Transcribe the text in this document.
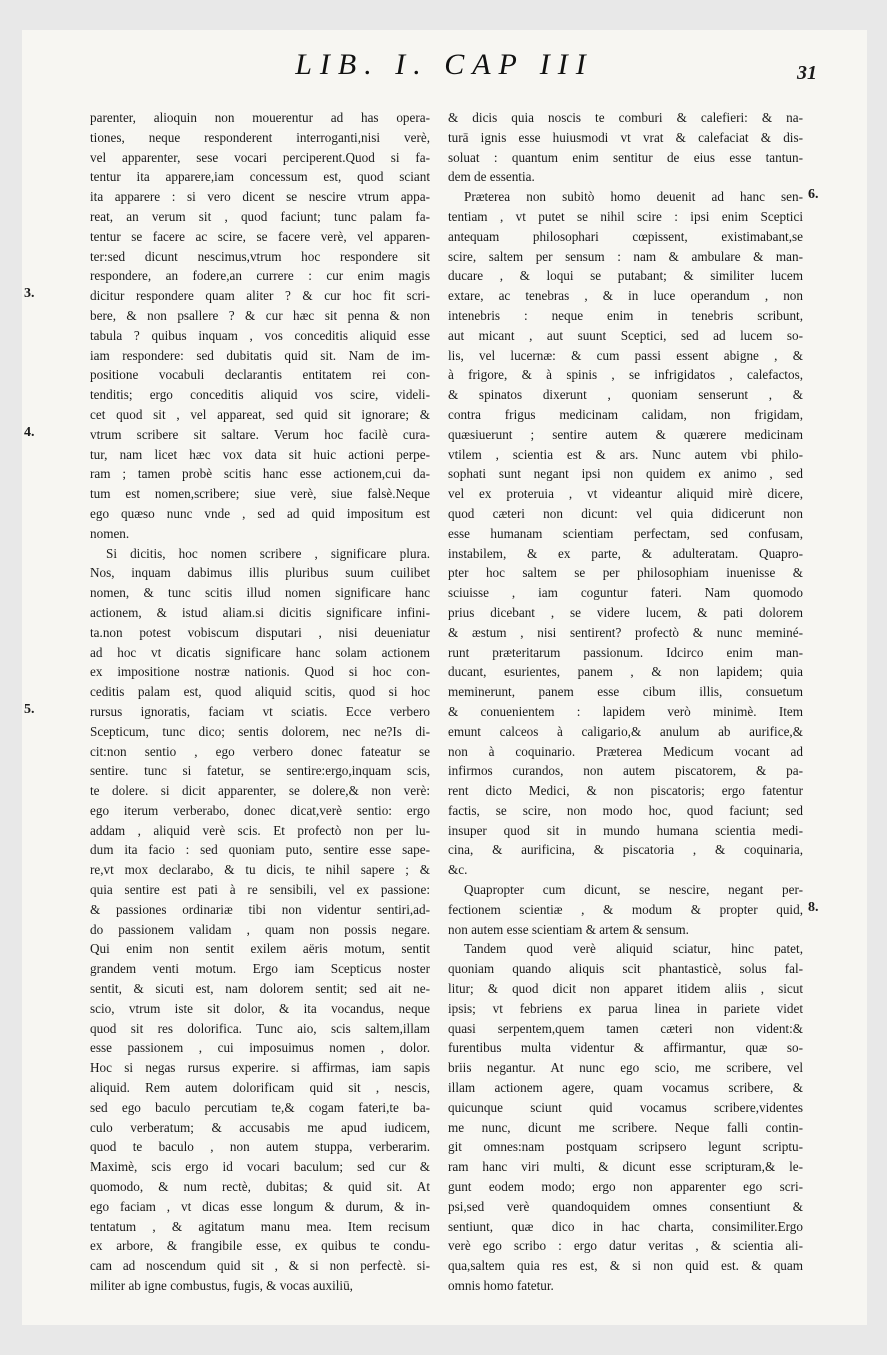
LIB. I. CAP III	31
parenter, alioquin non mouerentur ad has opera-
tiones, neque responderent interroganti,nisi verè,
vel apparenter, sese vocari perciperent.Quod si fa-
tentur ita apparere,iam concessum est, quod sciant
ita apparere : si vero dicent se nescire vtrum appa-
reat, an verum sit , quod faciunt; tunc palam fa-
tentur se facere ac scire, se facere verè, vel apparen-
ter:sed dicunt nescimus,vtrum hoc respondere sit
respondere, an fodere,an currere : cur enim magis
dicitur respondere quam aliter ? & cur hoc fit scri-
bere, & non psallere ? & cur hæc sit penna & non
tabula ? quibus inquam , vos conceditis aliquid esse
iam respondere: sed dubitatis quid sit. Nam de im-
positione vocabuli declarantis entitatem rei con-
tenditis; ergo conceditis aliquid vos scire, videli-
cet quod sit , vel appareat, sed quid sit ignorare; &
vtrum scribere sit saltare. Verum hoc facilè cura-
tur, nam licet hæc vox data sit huic actioni perpe-
ram ; tamen probè scitis hanc esse actionem,cui da-
tum est nomen,scribere; siue verè, siue falsè.Neque
ego quæso nunc vnde , sed ad quid impositum est
nomen.
Si dicitis, hoc nomen scribere , significare plura.
Nos, inquam dabimus illis pluribus suum cuilibet
nomen, & tunc scitis illud nomen significare hanc
actionem, & istud aliam.si dicitis significare infini-
ta.non potest vobiscum disputari , nisi deueniatur
ad hoc vt dicatis significare hanc solam actionem
ex impositione nostræ nationis. Quod si hoc con-
ceditis palam est, quod aliquid scitis, quod si hoc
rursus ignoratis, faciam vt sciatis. Ecce verbero
Scepticum, tunc dico; sentis dolorem, nec ne?Is di-
cit:non sentio , ego verbero donec fateatur se
sentire. tunc si fatetur, se sentire:ergo,inquam scis,
te dolere. si dicit apparenter, se dolere,& non verè:
ego iterum verberabo, donec dicat,verè sentio: ergo
addam , aliquid verè scis. Et profectò non per lu-
dum ita facio : sed quoniam puto, sentire esse sape-
re,vt mox declarabo, & tu dicis, te nihil sapere ; &
quia sentire est pati à re sensibili, vel ex passione:
& passiones ordinariæ tibi non videntur sentiri,ad-
do passionem validam , quam non possis negare.
Qui enim non sentit exilem aëris motum, sentit
grandem venti motum. Ergo iam Scepticus noster
sentit, & sicuti est, nam dolorem sentit; sed ait ne-
scio, vtrum iste sit dolor, & ita vocandus, neque
quod sit res dolorifica. Tunc aio, scis saltem,illam
esse passionem , cui imposuimus nomen , dolor.
Hoc si negas rursus experire. si affirmas, iam sapis
aliquid. Rem autem dolorificam quid sit , nescis,
sed ego baculo percutiam te,& cogam fateri,te ba-
culo verberatum; & accusabis me apud iudicem,
quod te baculo , non autem stuppa, verberarim.
Maximè, scis ergo id vocari baculum; sed cur &
quomodo, & num rectè, dubitas; & quid sit. At
ego faciam , vt dicas esse longum & durum, & in-
tentatum , & agitatum manu mea. Item recisum
ex arbore, & frangibile esse, ex quibus te condu-
cam ad noscendum quid sit , & si non perfectè. si-
militer ab igne combustus, fugis, & vocas auxiliū,
& dicis quia noscis te comburi & calefieri: & na-
turā ignis esse huiusmodi vt vrat & calefaciat & dis-
soluat : quantum enim sentitur de eius esse tantun-
dem de essentia.
Præterea non subitò homo deuenit ad hanc sen-
tentiam , vt putet se nihil scire : ipsi enim Sceptici
antequam philosophari cœpissent, existimabant,se
scire, saltem per sensum : nam & ambulare & man-
ducare , & loqui se putabant; & similiter lucem
extare, ac tenebras , & in luce operandum , non
intenebris : neque enim in tenebris scribunt,
aut micant , aut suunt Sceptici, sed ad lucem so-
lis, vel lucernæ: & cum passi essent abigne , &
à frigore, & à spinis , se infrigidatos , calefactos,
& spinatos dixerunt , quoniam senserunt , &
contra frigus medicinam calidam, non frigidam,
quæsiuerunt ; sentire autem & quærere medicinam
vtilem , scientia est & ars. Nunc autem vbi philo-
sophati sunt negant ipsi non quidem ex animo , sed
vel ex proteruia , vt videantur aliquid mirè dicere,
quod cæteri non dicunt: vel quia didicerunt non
esse humanam scientiam perfectam, sed confusam,
instabilem, & ex parte, & adulteratam. Quapro-
pter hoc saltem se per philosophiam inuenisse &
sciuisse , iam coguntur fateri. Nam quomodo
prius dicebant , se videre lucem, & pati dolorem
& æstum , nisi sentirent? profectò & nunc meminé-
runt præteritarum passionum. Idcirco enim man-
ducant, esurientes, panem , & non lapidem; quia
meminerunt, panem esse cibum illis, consuetum
& conuenientem : lapidem verò minimè. Item
emunt calceos à caligario,& anulum ab aurifice,&
non à coquinario. Præterea Medicum vocant ad
infirmos curandos, non autem piscatorem, & pa-
rent dicto Medici, & non piscatoris; ergo fatentur
factis, se scire, non modo hoc, quod faciunt; sed
insuper quod sit in mundo humana scientia medi-
cina, & aurificina, & piscatoria , & coquinaria,
&c.
Quapropter cum dicunt, se nescire, negant per-
fectionem scientiæ , & modum & propter quid,
non autem esse scientiam & artem & sensum.
Tandem quod verè aliquid sciatur, hinc patet,
quoniam quando aliquis scit phantasticè, solus fal-
litur; & quod dicit non apparet itidem aliis , sicut
ipsis; vt febriens ex parua linea in pariete videt
quasi serpentem,quem tamen cæteri non vident:&
furentibus multa videntur & affirmantur, quæ so-
briis negantur. At nunc ego scio, me scribere, vel
illam actionem agere, quam vocamus scribere, &
quicunque sciunt quid vocamus scribere,videntes
me nunc, dicunt me scribere. Neque falli contin-
git omnes:nam postquam scripsero legunt scriptu-
ram hanc viri multi, & dicunt esse scripturam,& le-
gunt eodem modo; ergo non apparenter ego scri-
psi,sed verè quandoquidem omnes consentiunt &
sentiunt, quæ dico in hac charta, consimiliter.Ergo
verè ego scribo : ergo datur veritas , & scientia ali-
qua,saltem quia res est, & si non quid est. & quam
omnis homo fatetur.
3.
4.
5.
6.
8.
